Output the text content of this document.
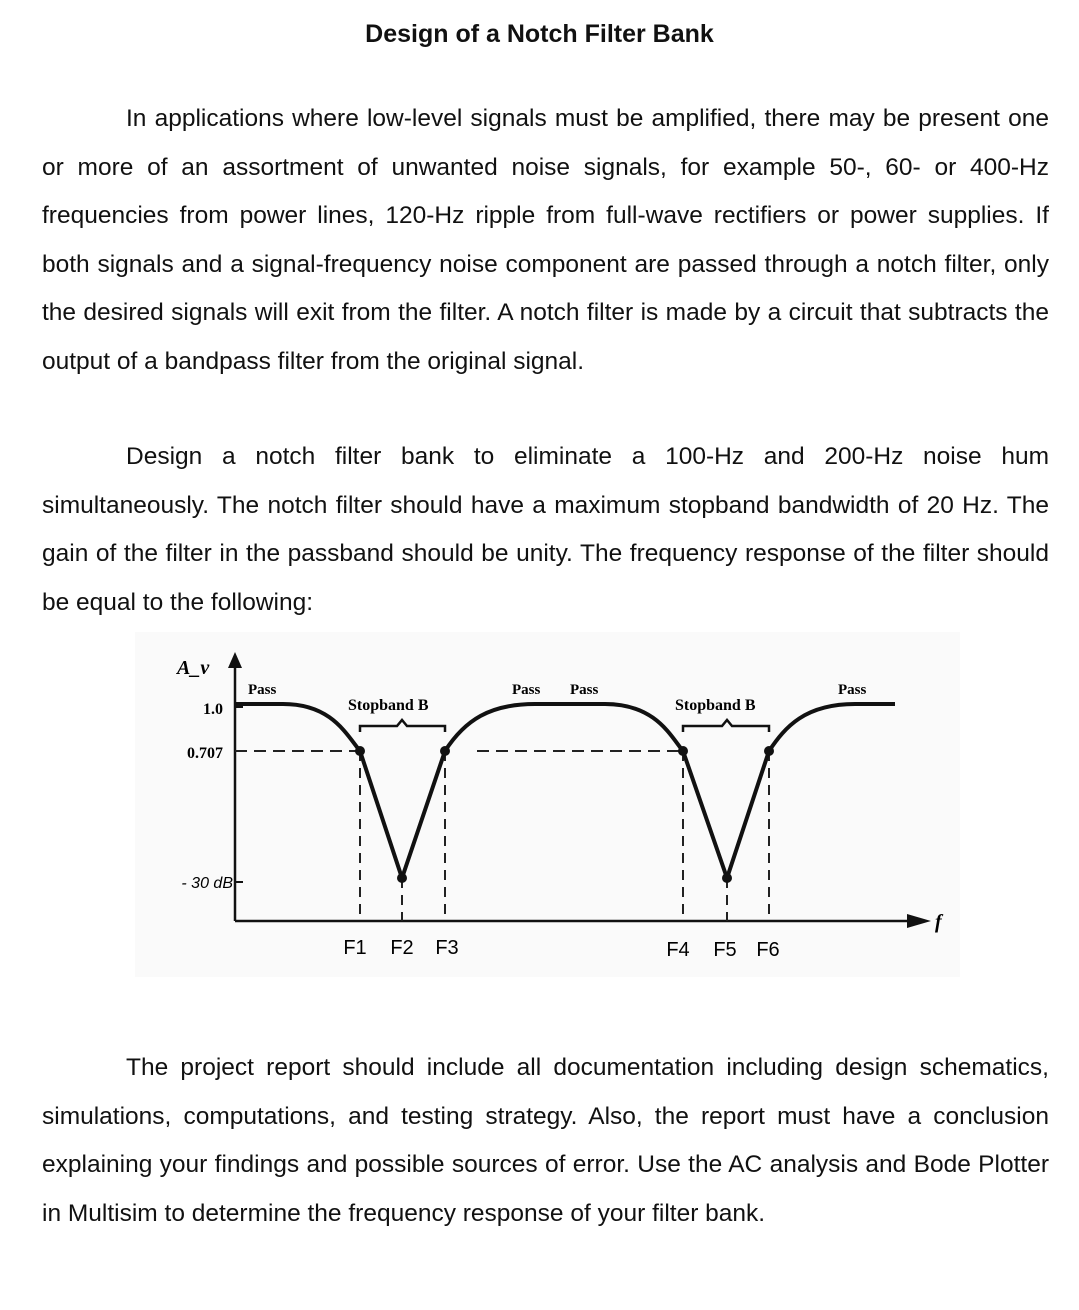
Design of a Notch Filter Bank

In applications where low-level signals must be amplified, there may be present one or more of an assortment of unwanted noise signals, for example 50-, 60- or 400-Hz frequencies from power lines, 120-Hz ripple from full-wave rectifiers or power supplies. If both signals and a signal-frequency noise component are passed through a notch filter, only the desired signals will exit from the filter. A notch filter is made by a circuit that subtracts the output of a bandpass filter from the original signal.

Design a notch filter bank to eliminate a 100-Hz and 200-Hz noise hum simultaneously. The notch filter should have a maximum stopband bandwidth of 20 Hz. The gain of the filter in the passband should be unity. The frequency response of the filter should be equal to the following:

A_v
f
1.0
0.707
- 30 dB
Pass
Stopband B
Pass Pass
Stopband B
Pass
F1 F2 F3	F4 F5 F6

The project report should include all documentation including design schematics, simulations, computations, and testing strategy. Also, the report must have a conclusion explaining your findings and possible sources of error. Use the AC analysis and Bode Plotter in Multisim to determine the frequency response of your filter bank.
